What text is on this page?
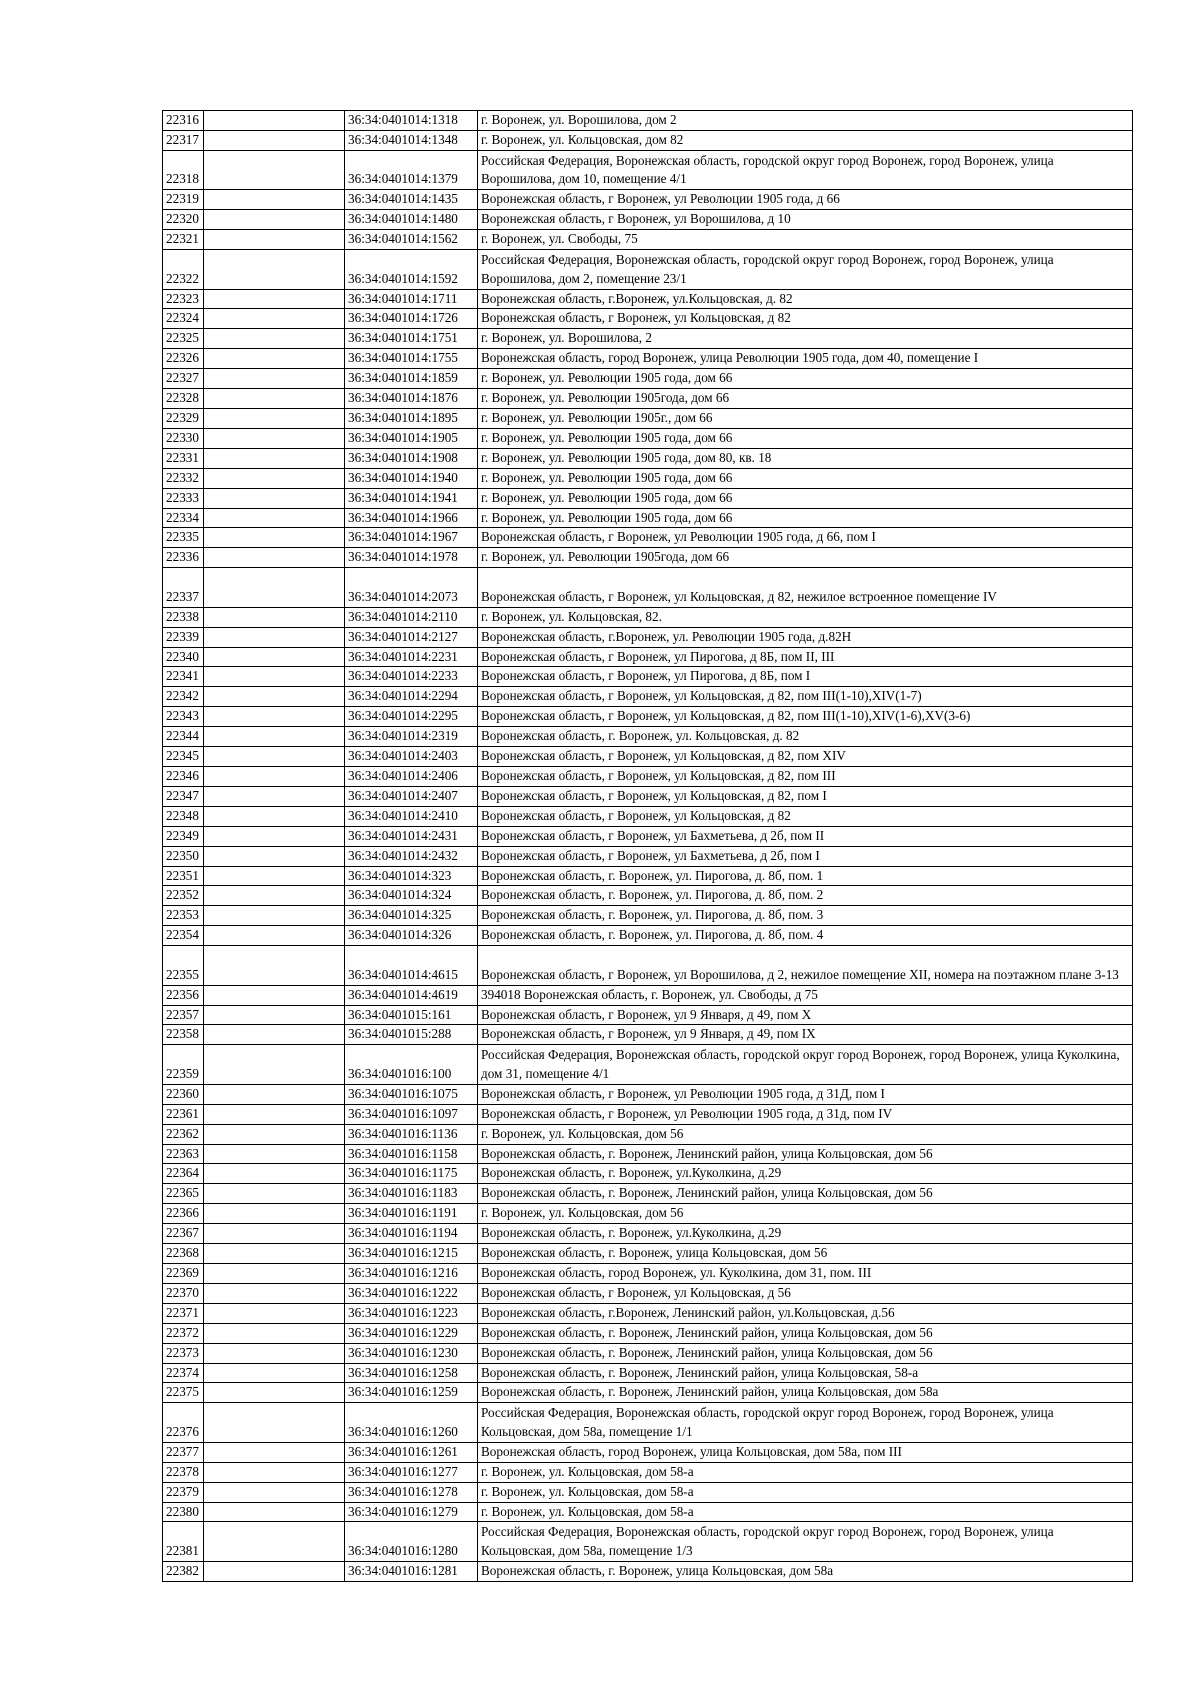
22316		36:34:0401014:1318	г. Воронеж, ул. Ворошилова, дом 2
22317		36:34:0401014:1348	г. Воронеж, ул. Кольцовская, дом 82
22318		36:34:0401014:1379	Российская Федерация, Воронежская область, городской округ город Воронеж, город Воронеж, улица Ворошилова, дом 10, помещение 4/1
22319		36:34:0401014:1435	Воронежская область, г Воронеж, ул Революции 1905 года, д 66
22320		36:34:0401014:1480	Воронежская область, г Воронеж, ул Ворошилова, д 10
22321		36:34:0401014:1562	г. Воронеж, ул. Свободы, 75
22322		36:34:0401014:1592	Российская Федерация, Воронежская область, городской округ город Воронеж, город Воронеж, улица Ворошилова, дом 2, помещение 23/1
22323		36:34:0401014:1711	Воронежская область, г.Воронеж, ул.Кольцовская, д. 82
22324		36:34:0401014:1726	Воронежская область, г Воронеж, ул Кольцовская, д 82
22325		36:34:0401014:1751	г. Воронеж, ул. Ворошилова, 2
22326		36:34:0401014:1755	Воронежская область, город Воронеж, улица Революции 1905 года, дом 40, помещение I
22327		36:34:0401014:1859	г. Воронеж, ул. Революции 1905 года, дом 66
22328		36:34:0401014:1876	г. Воронеж, ул. Революции 1905года, дом 66
22329		36:34:0401014:1895	г. Воронеж, ул. Революции 1905г., дом 66
22330		36:34:0401014:1905	г. Воронеж, ул. Революции 1905 года, дом 66
22331		36:34:0401014:1908	г. Воронеж, ул. Революции 1905 года, дом 80, кв. 18
22332		36:34:0401014:1940	г. Воронеж, ул. Революции 1905 года, дом 66
22333		36:34:0401014:1941	г. Воронеж, ул. Революции 1905 года, дом 66
22334		36:34:0401014:1966	г. Воронеж, ул. Революции 1905 года, дом 66
22335		36:34:0401014:1967	Воронежская область, г Воронеж, ул Революции 1905 года, д 66, пом I
22336		36:34:0401014:1978	г. Воронеж, ул. Революции 1905года, дом 66
22337		36:34:0401014:2073	Воронежская область, г Воронеж, ул Кольцовская, д 82, нежилое встроенное помещение IV
22338		36:34:0401014:2110	г. Воронеж, ул. Кольцовская, 82.
22339		36:34:0401014:2127	Воронежская область, г.Воронеж, ул. Революции 1905 года, д.82Н
22340		36:34:0401014:2231	Воронежская область, г Воронеж, ул Пирогова, д 8Б, пом II, III
22341		36:34:0401014:2233	Воронежская область, г Воронеж, ул Пирогова, д 8Б, пом I
22342		36:34:0401014:2294	Воронежская область, г Воронеж, ул Кольцовская, д 82, пом III(1-10),XIV(1-7)
22343		36:34:0401014:2295	Воронежская область, г Воронеж, ул Кольцовская, д 82, пом III(1-10),XIV(1-6),XV(3-6)
22344		36:34:0401014:2319	Воронежская область, г. Воронеж, ул. Кольцовская, д. 82
22345		36:34:0401014:2403	Воронежская область, г Воронеж, ул Кольцовская, д 82, пом XIV
22346		36:34:0401014:2406	Воронежская область, г Воронеж, ул Кольцовская, д 82, пом III
22347		36:34:0401014:2407	Воронежская область, г Воронеж, ул Кольцовская, д 82, пом I
22348		36:34:0401014:2410	Воронежская область, г Воронеж, ул Кольцовская, д 82
22349		36:34:0401014:2431	Воронежская область, г Воронеж, ул Бахметьева, д 2б, пом II
22350		36:34:0401014:2432	Воронежская область, г Воронеж, ул Бахметьева, д 2б, пом I
22351		36:34:0401014:323	Воронежская область, г. Воронеж, ул. Пирогова, д. 8б, пом. 1
22352		36:34:0401014:324	Воронежская область, г. Воронеж, ул. Пирогова, д. 8б, пом. 2
22353		36:34:0401014:325	Воронежская область, г. Воронеж, ул. Пирогова, д. 8б, пом. 3
22354		36:34:0401014:326	Воронежская область, г. Воронеж, ул. Пирогова, д. 8б, пом. 4
22355		36:34:0401014:4615	Воронежская область, г Воронеж, ул Ворошилова, д 2, нежилое помещение XII, номера на поэтажном плане 3-13
22356		36:34:0401014:4619	394018 Воронежская область, г. Воронеж, ул. Свободы, д 75
22357		36:34:0401015:161	Воронежская область, г Воронеж, ул 9 Января, д 49, пом X
22358		36:34:0401015:288	Воронежская область, г Воронеж, ул 9 Января, д 49, пом IX
22359		36:34:0401016:100	Российская Федерация, Воронежская область, городской округ город Воронеж, город Воронеж, улица Куколкина, дом 31, помещение 4/1
22360		36:34:0401016:1075	Воронежская область, г Воронеж, ул Революции 1905 года, д 31Д, пом I
22361		36:34:0401016:1097	Воронежская область, г Воронеж, ул Революции 1905 года, д 31д, пом IV
22362		36:34:0401016:1136	г. Воронеж, ул. Кольцовская, дом 56
22363		36:34:0401016:1158	Воронежская область, г. Воронеж, Ленинский район, улица Кольцовская, дом 56
22364		36:34:0401016:1175	Воронежская область, г. Воронеж, ул.Куколкина, д.29
22365		36:34:0401016:1183	Воронежская область, г. Воронеж, Ленинский район, улица Кольцовская, дом 56
22366		36:34:0401016:1191	г. Воронеж, ул. Кольцовская, дом 56
22367		36:34:0401016:1194	Воронежская область, г. Воронеж, ул.Куколкина, д.29
22368		36:34:0401016:1215	Воронежская область, г. Воронеж, улица Кольцовская, дом 56
22369		36:34:0401016:1216	Воронежская область, город Воронеж, ул. Куколкина, дом 31, пом. III
22370		36:34:0401016:1222	Воронежская область, г Воронеж, ул Кольцовская, д 56
22371		36:34:0401016:1223	Воронежская область, г.Воронеж, Ленинский район, ул.Кольцовская, д.56
22372		36:34:0401016:1229	Воронежская область, г. Воронеж, Ленинский район, улица Кольцовская, дом 56
22373		36:34:0401016:1230	Воронежская область, г. Воронеж, Ленинский район, улица Кольцовская, дом 56
22374		36:34:0401016:1258	Воронежская область, г. Воронеж, Ленинский район, улица Кольцовская, 58-а
22375		36:34:0401016:1259	Воронежская область, г. Воронеж, Ленинский район, улица Кольцовская, дом 58а
22376		36:34:0401016:1260	Российская Федерация, Воронежская область, городской округ город Воронеж, город Воронеж, улица Кольцовская, дом 58а, помещение 1/1
22377		36:34:0401016:1261	Воронежская область, город Воронеж, улица Кольцовская, дом 58а, пом III
22378		36:34:0401016:1277	г. Воронеж, ул. Кольцовская, дом 58-а
22379		36:34:0401016:1278	г. Воронеж, ул. Кольцовская, дом 58-а
22380		36:34:0401016:1279	г. Воронеж, ул. Кольцовская, дом 58-а
22381		36:34:0401016:1280	Российская Федерация, Воронежская область, городской округ город Воронеж, город Воронеж, улица Кольцовская, дом 58а, помещение 1/3
22382		36:34:0401016:1281	Воронежская область, г. Воронеж, улица Кольцовская, дом 58а
